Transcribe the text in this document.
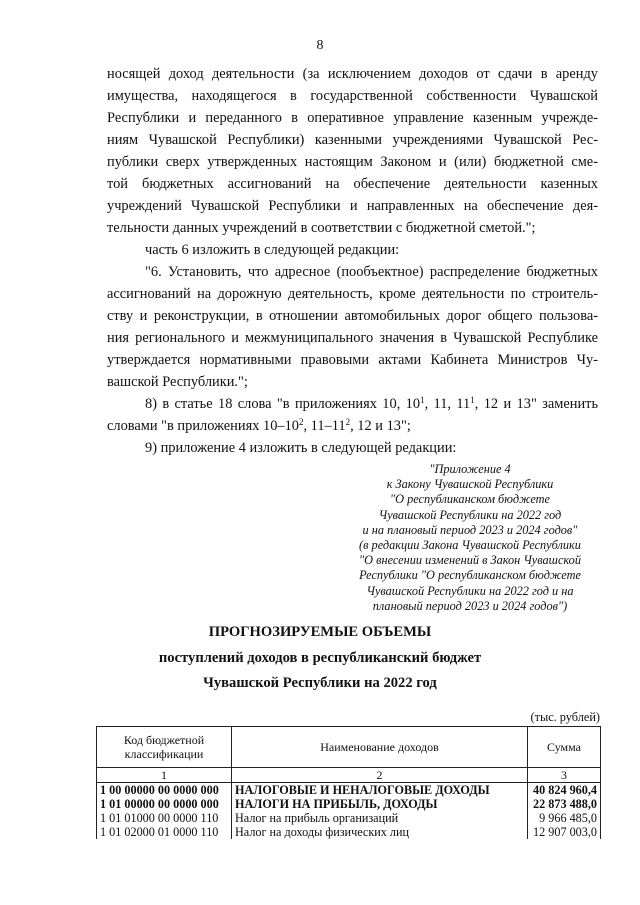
8

носящей доход деятельности (за исключением доходов от сдачи в аренду

имущества, находящегося в государственной собственности Чувашской

Республики и переданного в оперативное управление казенным учрежде-

ниям Чувашской Республики) казенными учреждениями Чувашской Рес-

публики сверх утвержденных настоящим Законом и (или) бюджетной сме-

той бюджетных ассигнований на обеспечение деятельности казенных

учреждений Чувашской Республики и направленных на обеспечение дея-

тельности данных учреждений в соответствии с бюджетной сметой.";

часть 6 изложить в следующей редакции:

"6. Установить, что адресное (пообъектное) распределение бюджетных

ассигнований на дорожную деятельность, кроме деятельности по строитель-

ству и реконструкции, в отношении автомобильных дорог общего пользова-

ния регионального и межмуниципального значения в Чувашской Республике

утверждается нормативными правовыми актами Кабинета Министров Чу-

вашской Республики.";

8) в статье 18 слова "в приложениях 10, $10^1$, 11, $11^1$, 12 и 13" заменить

словами "в приложениях $10-10^2$, $11-11^2$, 12 и 13";

9) приложение 4 изложить в следующей редакции:

"Приложение 4
к Закону Чувашской Республики
"О республиканском бюджете
Чувашской Республики на 2022 год
и на плановый период 2023 и 2024 годов"
(в редакции Закона Чувашской Республики
"О внесении изменений в Закон Чувашской
Республики "О республиканском бюджете
Чувашской Республики на 2022 год и на
плановый период 2023 и 2024 годов")
ПРОГНОЗИРУЕМЫЕ ОБЪЕМЫ
поступлений доходов в республиканский бюджет
Чувашской Республики на 2022 год
(тыс. рублей)
Код бюджетной классификации	Наименование доходов	Сумма
1	2	3
1 00 00000 00 0000 000	НАЛОГОВЫЕ И НЕНАЛОГОВЫЕ ДОХОДЫ	40 824 960,4
1 01 00000 00 0000 000	НАЛОГИ НА ПРИБЫЛЬ, ДОХОДЫ	22 873 488,0
1 01 01000 00 0000 110	Налог на прибыль организаций	9 966 485,0
1 01 02000 01 0000 110	Налог на доходы физических лиц	12 907 003,0
